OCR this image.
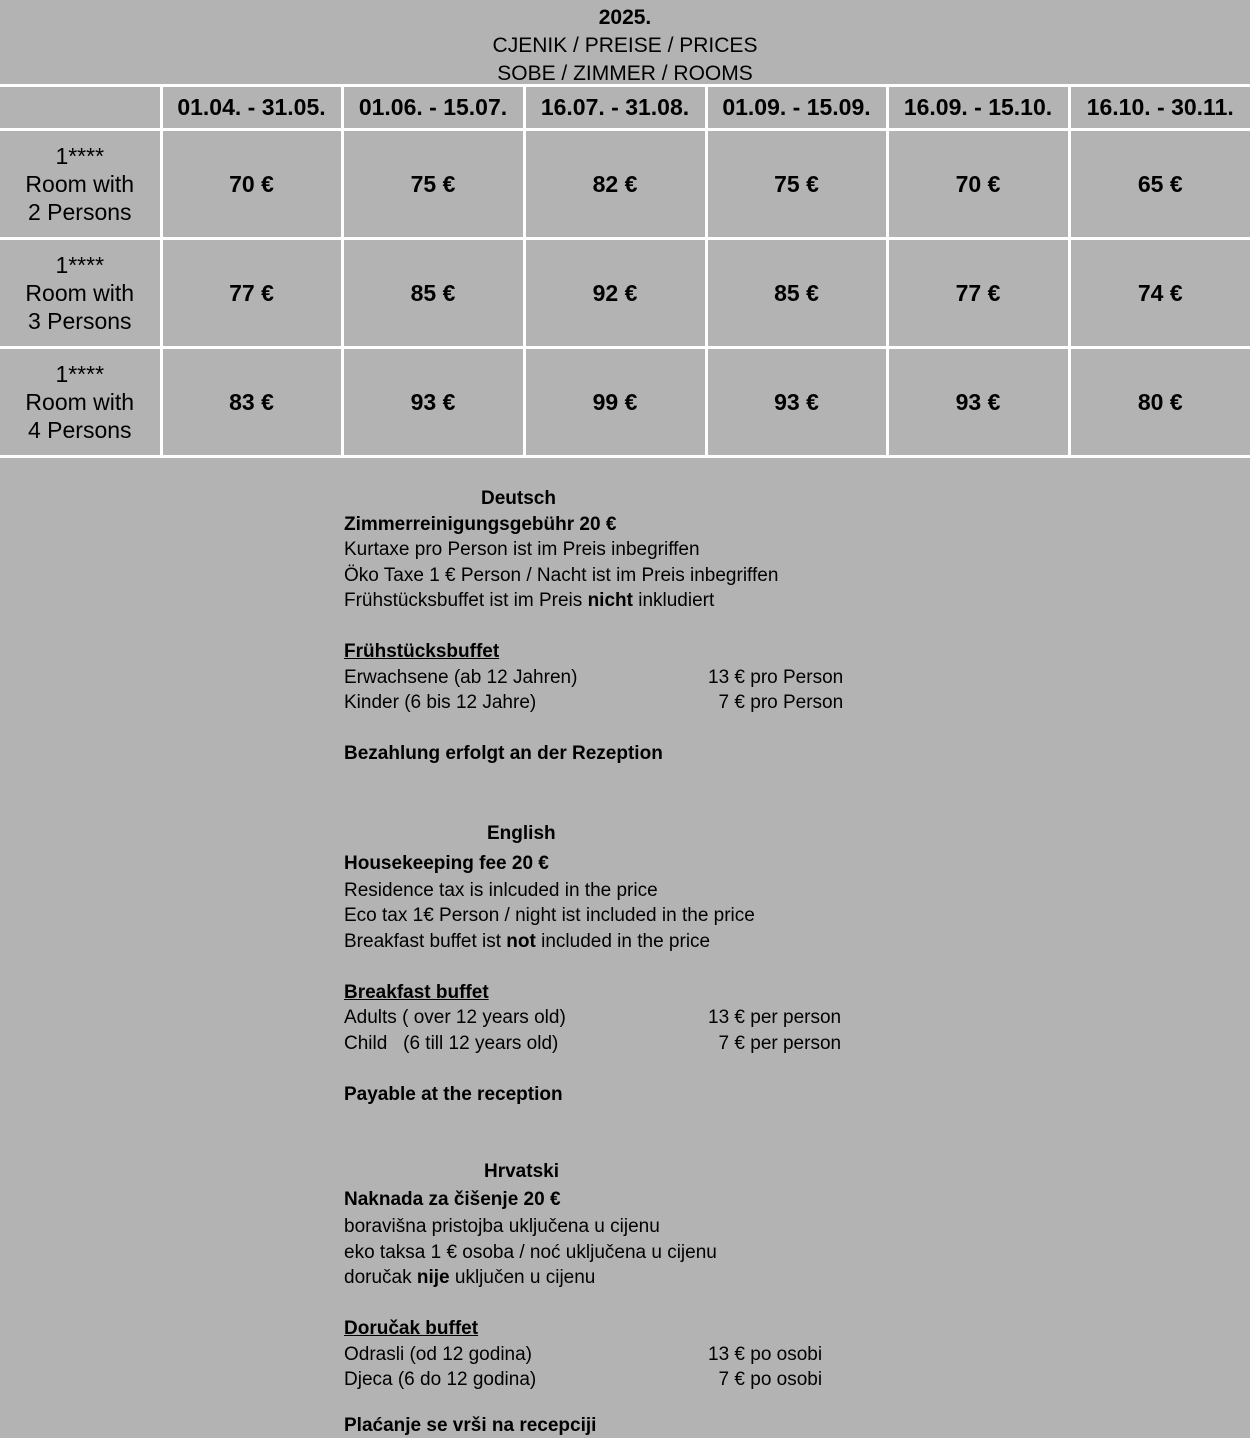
2025.
CJENIK / PREISE / PRICES
SOBE / ZIMMER / ROOMS
	01.04. - 31.05.	01.06. - 15.07.	16.07. - 31.08.	01.09. - 15.09.	16.09. - 15.10.	16.10. - 30.11.

1****
Room with
2 Persons	70 €	75 €	82 €	75 €	70 €	65 €

1****
Room with
3 Persons	77 €	85 €	92 €	85 €	77 €	74 €

1****
Room with
4 Persons	83 €	93 €	99 €	93 €	93 €	80 €
Deutsch
Zimmerreinigungsgebühr 20 €
Kurtaxe pro Person ist im Preis inbegriffen
Öko Taxe 1 € Person / Nacht ist im Preis inbegriffen
Frühstücksbuffet ist im Preis nicht inkludiert
Frühstücksbuffet
Erwachsene (ab 12 Jahren)	13 € pro Person
Kinder (6 bis 12 Jahre)	7 € pro Person
Bezahlung erfolgt an der Rezeption
English
Housekeeping fee 20 €
Residence tax is inlcuded in the price
Eco tax 1€ Person / night ist included in the price
Breakfast buffet ist not included in the price
Breakfast buffet
Adults ( over 12 years old)	13 € per person
Child   (6 till 12 years old)	7 € per person
Payable at the reception
Hrvatski
Naknada za čišenje 20 €
boravišna pristojba uključena u cijenu
eko taksa 1 € osoba / noć uključena u cijenu
doručak nije uključen u cijenu
Doručak buffet
Odrasli (od 12 godina)	13 € po osobi
Djeca (6 do 12 godina)	7 € po osobi
Plaćanje se vrši na recepciji
